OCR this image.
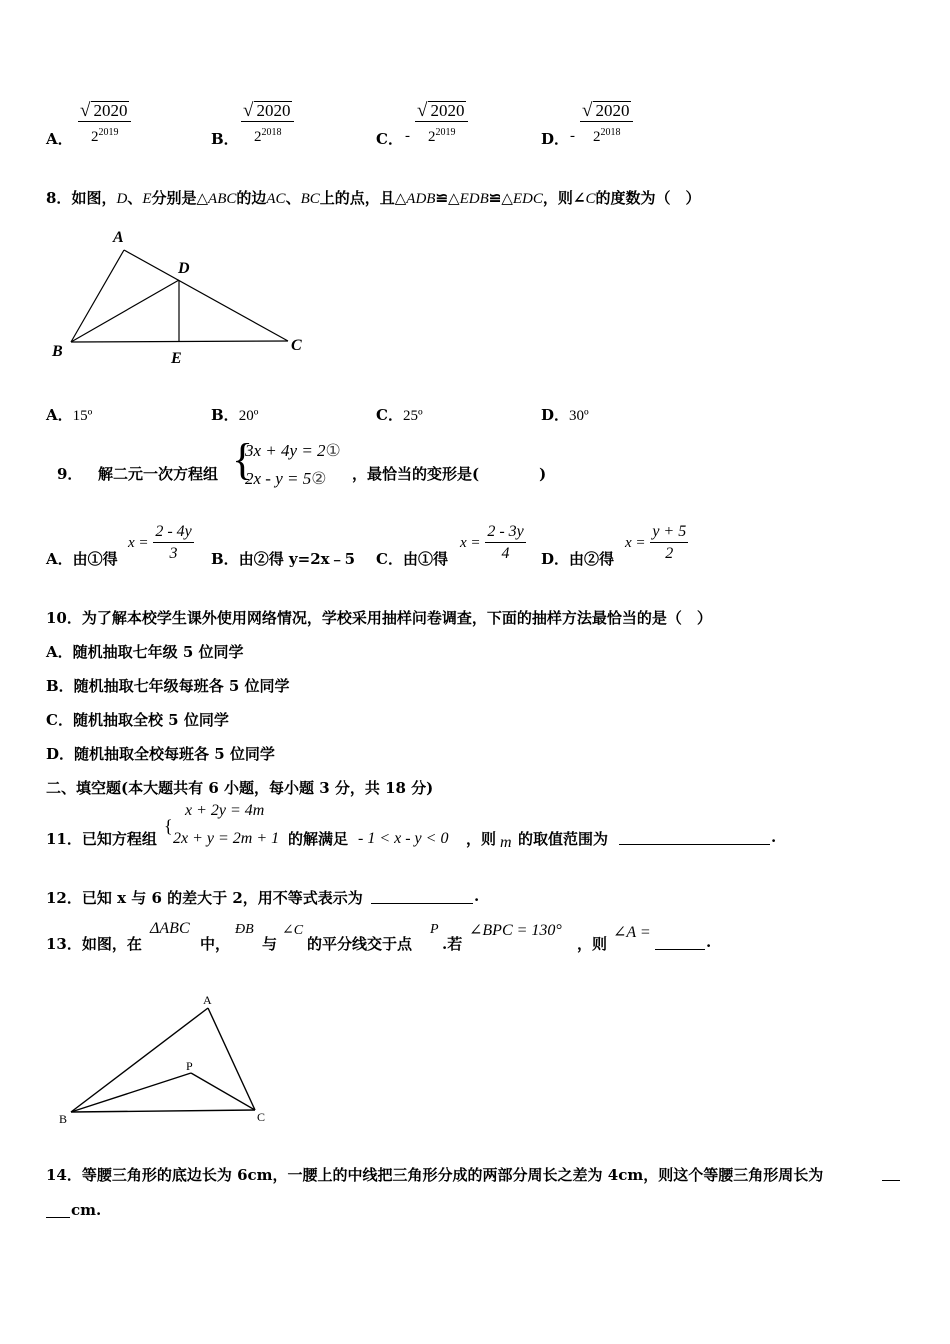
A． $\frac{√ 2020}{2^{2019}}$	B． $\frac{√ 2020}{2^{2018}}$	C． - $\frac{√ 2020}{2^{2019}}$	D． - $\frac{√ 2020}{2^{2018}}$
8．如图，D、E分别是△ABC的边AC、BC上的点，且△ADB≌△EDB≌△EDC，则∠C的度数为（　）
A
D
B	C
E
A．15º	B．20º	C．25º	D．30º
9． 解二元一次方程组 {
3x + 4y = 2①
2x - y = 5② ，最恰当的变形是(　　　　)
A．由①得
$x = \frac{2 - 4y}{3}$ B．由②得 y=2x﹣5 C．由①得
$x = \frac{2 - 3y}{4}$ D．由②得
$x = \frac{y + 5}{2}$
10．为了解本校学生课外使用网络情况，学校采用抽样问卷调查，下面的抽样方法最恰当的是（　）
A．随机抽取七年级 5 位同学
B．随机抽取七年级每班各 5 位同学
C．随机抽取全校 5 位同学
D．随机抽取全校每班各 5 位同学
二、填空题(本大题共有 6 小题，每小题 3 分，共 18 分)
11．已知方程组
{
x + 2y = 4m
2x + y = 2m + 1 的解满足 - 1 < x - y < 0 ，则 m 的取值范围为	.
12．已知 x 与 6 的差大于 2，用不等式表示为	.
13．如图，在
ΔABC
中，
ÐB
与
∠C
的平分线交于点
P
.若
∠BPC = 130°
，则
∠A =
.
A
P
B	C
14．等腰三角形的底边长为 6cm，一腰上的中线把三角形分成的两部分周长之差为 4cm，则这个等腰三角形周长为
cm.
